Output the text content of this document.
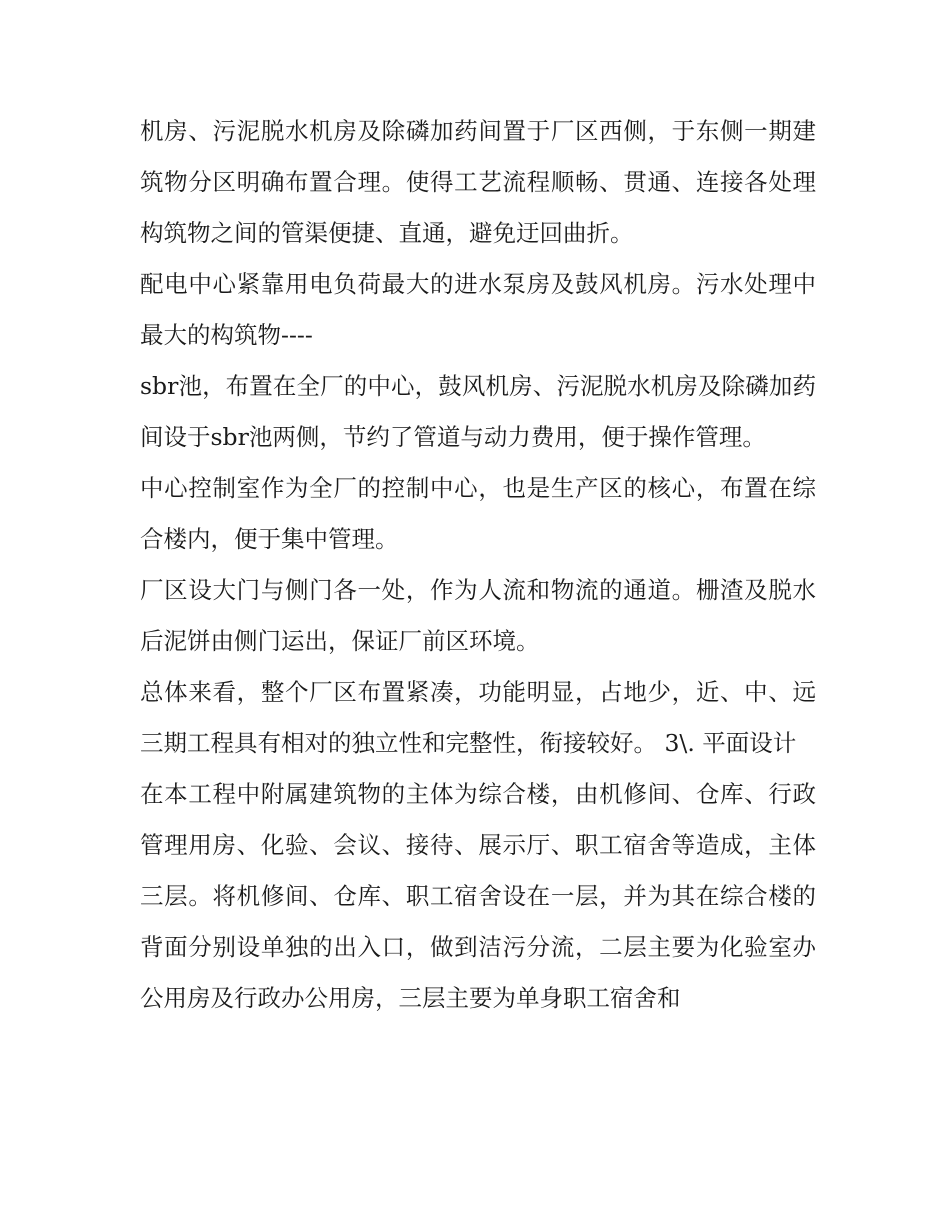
机房、污泥脱水机房及除磷加药间置于厂区西侧，于东侧一期建筑物分区明确布置合理。使得工艺流程顺畅、贯通、连接各处理构筑物之间的管渠便捷、直通，避免迂回曲折。

配电中心紧靠用电负荷最大的进水泵房及鼓风机房。污水处理中最大的构筑物----

sbr池，布置在全厂的中心，鼓风机房、污泥脱水机房及除磷加药间设于sbr池两侧，节约了管道与动力费用，便于操作管理。

中心控制室作为全厂的控制中心，也是生产区的核心，布置在综合楼内，便于集中管理。

厂区设大门与侧门各一处，作为人流和物流的通道。栅渣及脱水后泥饼由侧门运出，保证厂前区环境。

总体来看，整个厂区布置紧凑，功能明显，占地少，近、中、远三期工程具有相对的独立性和完整性，衔接较好。 3\. 平面设计

在本工程中附属建筑物的主体为综合楼，由机修间、仓库、行政管理用房、化验、会议、接待、展示厅、职工宿舍等造成，主体三层。将机修间、仓库、职工宿舍设在一层，并为其在综合楼的背面分别设单独的出入口，做到洁污分流，二层主要为化验室办公用房及行政办公用房，三层主要为单身职工宿舍和
